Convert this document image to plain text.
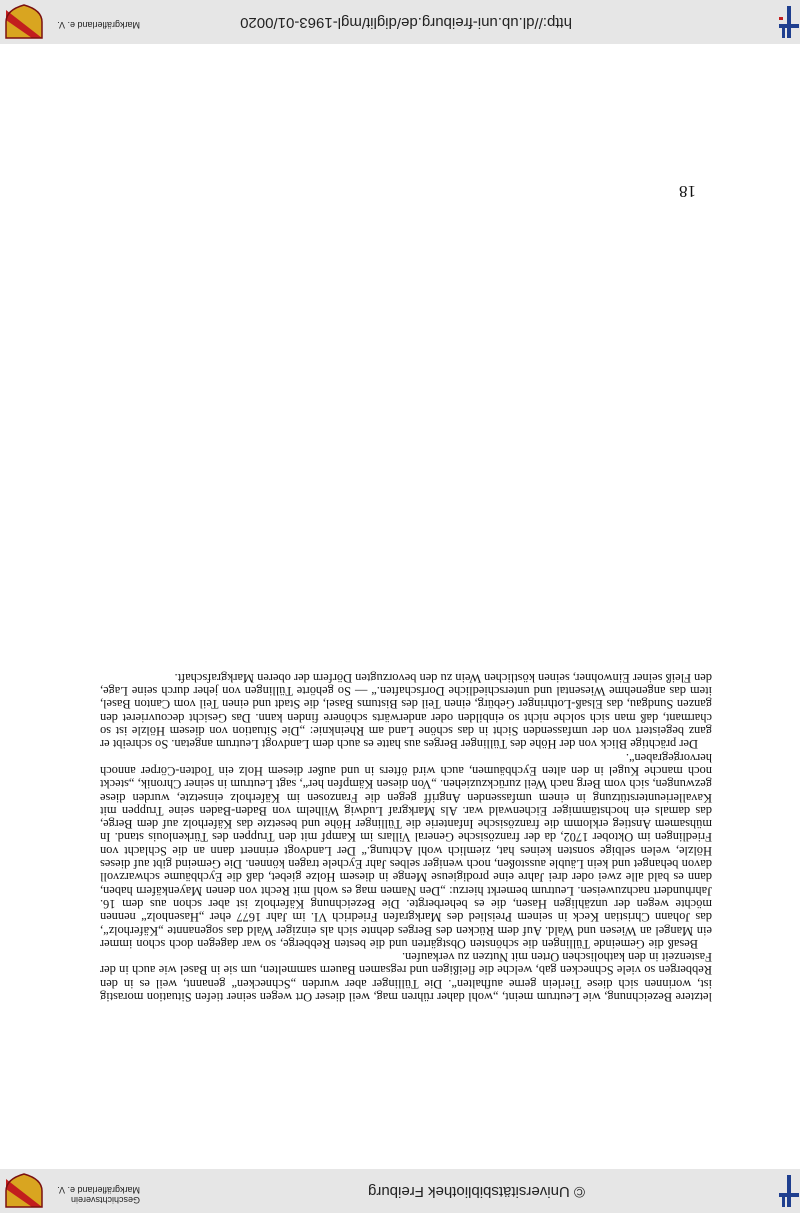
© Universitätsbibliothek Freiburg
Geschichtsverein
Markgräflerland e. V.
18

letztere Bezeichnung, wie Leutrum meint, „wohl daher rühren mag, weil dieser Ort wegen seiner tiefen Situation morastig ist, worinnen sich diese Tierlein gerne aufhalten“. Die Tüllinger aber wurden „Schnecken“ genannt, weil es in den Rebbergen so viele Schnecken gab, welche die fleißigen und regsamen Bauern sammelten, um sie in Basel wie auch in der Fastenzeit in den katholischen Orten mit Nutzen zu verkaufen.

Besaß die Gemeinde Tüllingen die schönsten Obstgärten und die besten Rebberge, so war dagegen doch schon immer ein Mangel an Wiesen und Wald. Auf dem Rücken des Berges dehnte sich als einziger Wald das sogenannte „Käferholz“, das Johann Christian Keck in seinem Preislied des Markgrafen Friedrich VI. im Jahr 1677 eher „Hasenholz“ nennen möchte wegen der unzähligen Hasen, die es beherbergte. Die Bezeichnung Käferholz ist aber schon aus dem 16. Jahrhundert nachzuweisen. Leutrum bemerkt hierzu: „Den Namen mag es wohl mit Recht von denen Mayenkäfern haben, dann es bald alle zwei oder drei Jahre eine prodigieuse Menge in diesem Holze giebet, daß die Eychbäume schwarzvoll davon behanget und kein Läuble ausstoßen, noch weniger selbes Jahr Eychele tragen können. Die Gemeind gibt auf dieses Hölzle, welen selbige sonsten keines hat, ziemlich wohl Achtung.“ Der Landvogt erinnert dann an die Schlacht von Friedlingen im Oktober 1702, da der französische General Villars im Kampf mit den Truppen des Türkenlouis stand. In mühsamem Anstieg erklomm die französische Infanterie die Tüllinger Höhe und besetzte das Käferholz auf dem Berge, das damals ein hochstämmiger Eichenwald war. Als Markgraf Ludwig Wilhelm von Baden-Baden seine Truppen mit Kavallerieunterstützung in einem umfassenden Angriff gegen die Franzosen im Käferholz einsetzte, wurden diese gezwungen, sich vom Berg nach Weil zurückzuziehen. „Von diesen Kämpfen her“, sagt Leutrum in seiner Chronik, „steckt noch manche Kugel in den alten Eychbäumen, auch wird öfters in und außer diesem Holz ein Todten-Cörper annoch hervorgegraben“.

Der prächtige Blick von der Höhe des Tüllinger Berges aus hatte es auch dem Landvogt Leutrum angetan. So schreibt er ganz begeistert von der umfassenden Sicht in das schöne Land am Rheinknie: „Die Situation von diesem Hölzle ist so charmant, daß man sich solche nicht so einbilden oder anderwärts schönere finden kann. Das Gesicht decouvrieret den ganzen Sundgau, das Elsaß-Lothringer Gebürg, einen Teil des Bistums Basel, die Stadt und einen Teil vom Canton Basel, item das angenehme Wiesental und unterschiedliche Dorfschaften.“ — So gehörte Tüllingen von jeher durch seine Lage, den Fleiß seiner Einwohner, seinen köstlichen Wein zu den bevorzugten Dörfern der oberen Markgrafschaft.

http://dl.ub.uni-freiburg.de/diglit/mgl-1963-01/0020
Markgräflerland e. V.
